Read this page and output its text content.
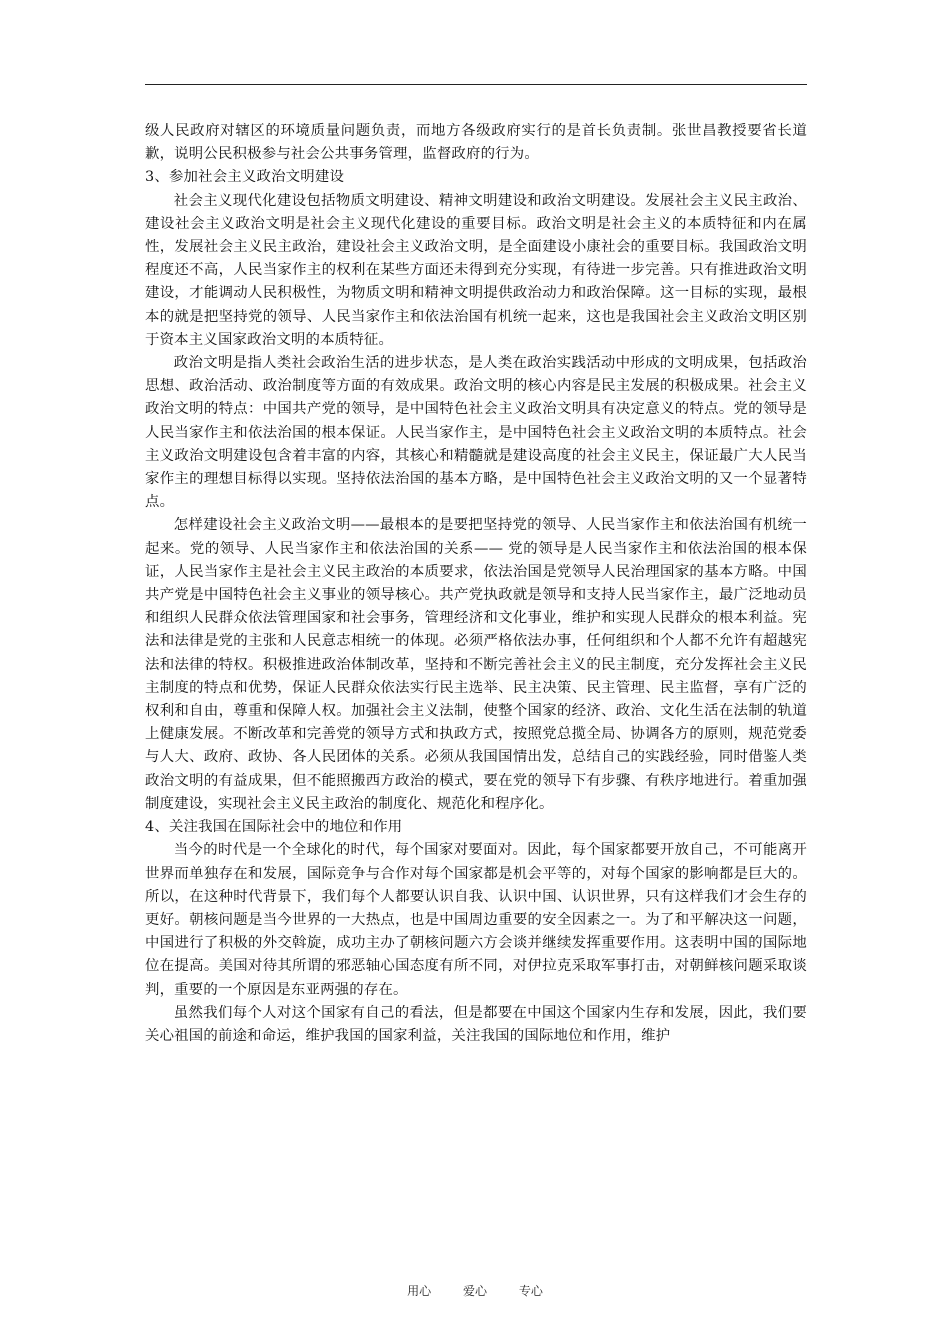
级人民政府对辖区的环境质量问题负责，而地方各级政府实行的是首长负责制。张世昌教授要省长道歉，说明公民积极参与社会公共事务管理，监督政府的行为。

3、参加社会主义政治文明建设

社会主义现代化建设包括物质文明建设、精神文明建设和政治文明建设。发展社会主义民主政治、建设社会主义政治文明是社会主义现代化建设的重要目标。政治文明是社会主义的本质特征和内在属性，发展社会主义民主政治，建设社会主义政治文明，是全面建设小康社会的重要目标。我国政治文明程度还不高，人民当家作主的权利在某些方面还未得到充分实现，有待进一步完善。只有推进政治文明建设，才能调动人民积极性，为物质文明和精神文明提供政治动力和政治保障。这一目标的实现，最根本的就是把坚持党的领导、人民当家作主和依法治国有机统一起来，这也是我国社会主义政治文明区别于资本主义国家政治文明的本质特征。

政治文明是指人类社会政治生活的进步状态，是人类在政治实践活动中形成的文明成果，包括政治思想、政治活动、政治制度等方面的有效成果。政治文明的核心内容是民主发展的积极成果。社会主义政治文明的特点：中国共产党的领导，是中国特色社会主义政治文明具有决定意义的特点。党的领导是人民当家作主和依法治国的根本保证。人民当家作主，是中国特色社会主义政治文明的本质特点。社会主义政治文明建设包含着丰富的内容，其核心和精髓就是建设高度的社会主义民主，保证最广大人民当家作主的理想目标得以实现。坚持依法治国的基本方略，是中国特色社会主义政治文明的又一个显著特点。

怎样建设社会主义政治文明——最根本的是要把坚持党的领导、人民当家作主和依法治国有机统一起来。党的领导、人民当家作主和依法治国的关系—— 党的领导是人民当家作主和依法治国的根本保证，人民当家作主是社会主义民主政治的本质要求，依法治国是党领导人民治理国家的基本方略。中国共产党是中国特色社会主义事业的领导核心。共产党执政就是领导和支持人民当家作主，最广泛地动员和组织人民群众依法管理国家和社会事务，管理经济和文化事业，维护和实现人民群众的根本利益。宪法和法律是党的主张和人民意志相统一的体现。必须严格依法办事，任何组织和个人都不允许有超越宪法和法律的特权。积极推进政治体制改革，坚持和不断完善社会主义的民主制度，充分发挥社会主义民主制度的特点和优势，保证人民群众依法实行民主选举、民主决策、民主管理、民主监督，享有广泛的权利和自由，尊重和保障人权。加强社会主义法制，使整个国家的经济、政治、文化生活在法制的轨道上健康发展。不断改革和完善党的领导方式和执政方式，按照党总揽全局、协调各方的原则，规范党委与人大、政府、政协、各人民团体的关系。必须从我国国情出发，总结自己的实践经验，同时借鉴人类政治文明的有益成果，但不能照搬西方政治的模式，要在党的领导下有步骤、有秩序地进行。着重加强制度建设，实现社会主义民主政治的制度化、规范化和程序化。

4、关注我国在国际社会中的地位和作用

当今的时代是一个全球化的时代，每个国家对要面对。因此，每个国家都要开放自己，不可能离开世界而单独存在和发展，国际竞争与合作对每个国家都是机会平等的，对每个国家的影响都是巨大的。所以，在这种时代背景下，我们每个人都要认识自我、认识中国、认识世界，只有这样我们才会生存的更好。朝核问题是当今世界的一大热点，也是中国周边重要的安全因素之一。为了和平解决这一问题，中国进行了积极的外交斡旋，成功主办了朝核问题六方会谈并继续发挥重要作用。这表明中国的国际地位在提高。美国对待其所谓的邪恶轴心国态度有所不同，对伊拉克采取军事打击，对朝鲜核问题采取谈判，重要的一个原因是东亚两强的存在。

虽然我们每个人对这个国家有自己的看法，但是都要在中国这个国家内生存和发展，因此，我们要关心祖国的前途和命运，维护我国的国家利益，关注我国的国际地位和作用，维护

用心	爱心	专心
